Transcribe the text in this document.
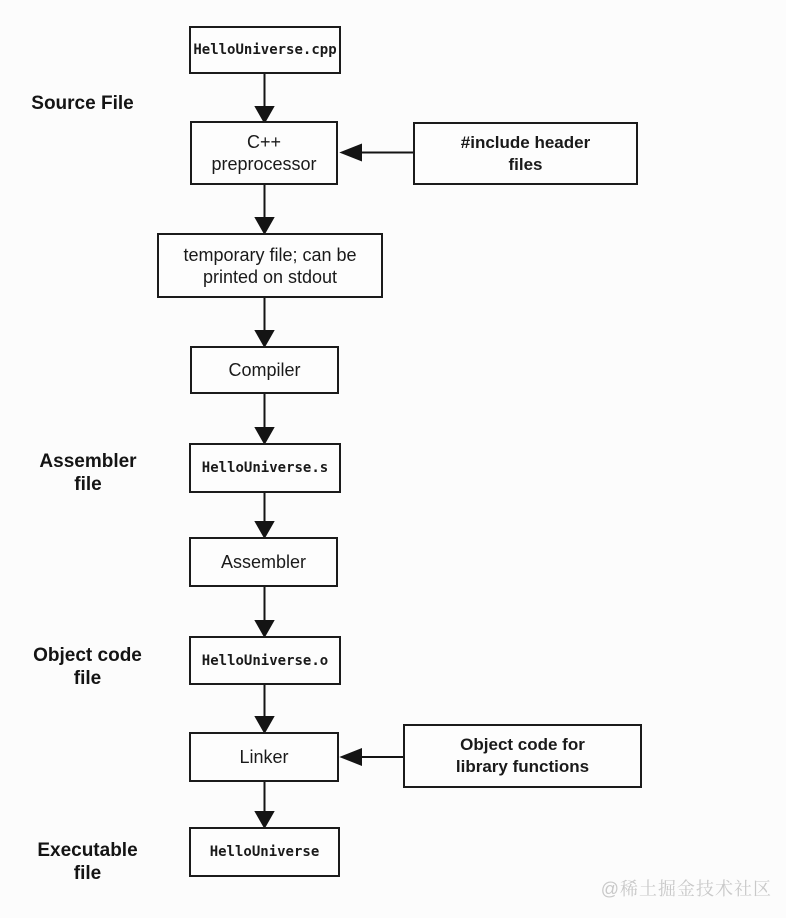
HelloUniverse.cpp
C++
preprocessor
temporary file; can be
printed on stdout
Compiler
HelloUniverse.s
Assembler
HelloUniverse.o
Linker
HelloUniverse
#include header
files
Object code for
library functions
Source File
Assembler
file
Object code
file
Executable
file
@稀土掘金技术社区
